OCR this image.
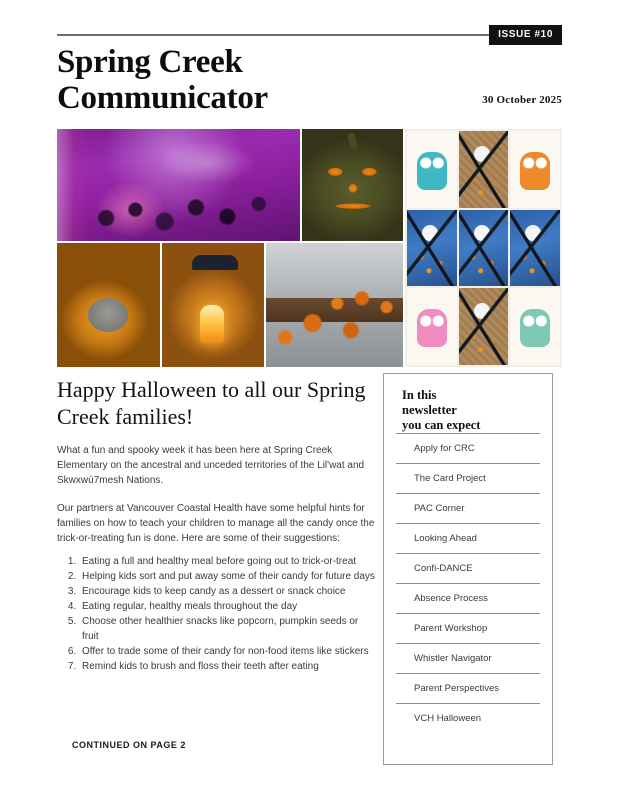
ISSUE #10
Spring Creek
Communicator	30 October 2025
Happy Halloween to all our Spring Creek families!

What a fun and spooky week it has been here at Spring Creek Elementary on the ancestral and unceded territories of the Lil'wat and Skwxwú7mesh Nations.

Our partners at Vancouver Coastal Health have some helpful hints for families on how to teach your children to manage all the candy once the trick-or-treating fun is done. Here are some of their suggestions:

1. Eating a full and healthy meal before going out to trick-or-treat
2. Helping kids sort and put away some of their candy for future days
3. Encourage kids to keep candy as a dessert or snack choice
4. Eating regular, healthy meals throughout the day
5. Choose other healthier snacks like popcorn, pumpkin seeds or fruit
6. Offer to trade some of their candy for non-food items like stickers
7. Remind kids to brush and floss their teeth after eating
CONTINUED ON PAGE 2
In this
newsletter
you can expect
Apply for CRC
The Card Project
PAC Corner
Looking Ahead
Confi-DANCE
Absence Process
Parent Workshop
Whistler Navigator
Parent Perspectives
VCH Halloween
